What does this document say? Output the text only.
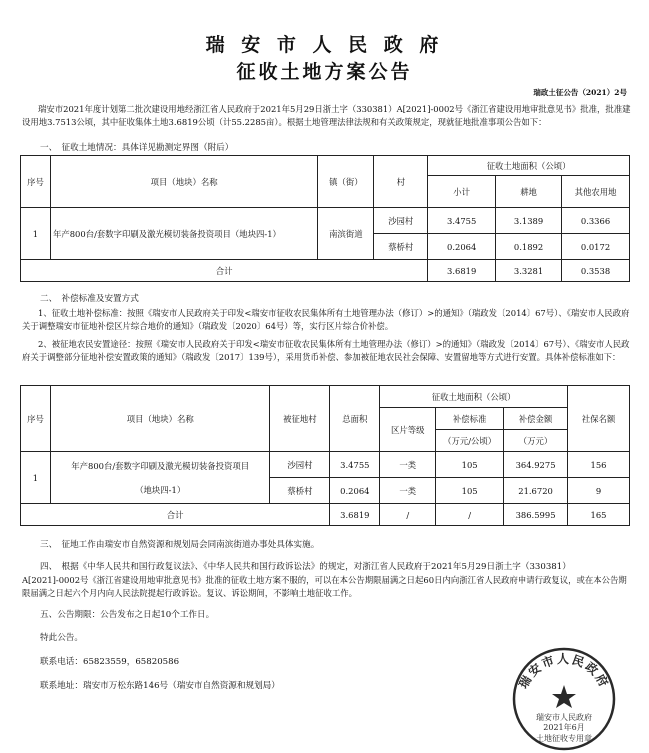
瑞 安 市 人 民 政 府
征收土地方案公告
瑞政土征公告（2021）2号

瑞安市2021年度计划第二批次建设用地经浙江省人民政府于2021年5月29日浙土字（330381）A[2021]-0002号《浙江省建设用地审批意见书》批准，批准建设用地3.7513公顷，其中征收集体土地3.6819公顷（计55.2285亩）。根据土地管理法律法规和有关政策规定，现就征地批准事项公告如下：

一、　征收土地情况：具体详见勘测定界图（附后）
序号	项目（地块）名称	镇（街）	村	征收土地面积（公顷）		
				小计	耕地	其他农用地
1	年产800台/套数字印刷及激光模切装备投资项目（地块四-1）	南滨街道	沙园村	3.4755	3.1389	0.3366
			蔡桥村	0.2064	0.1892	0.0172
合计				3.6819	3.3281	0.3538
二、　补偿标准及安置方式

1、征收土地补偿标准：按照《瑞安市人民政府关于印发<瑞安市征收农民集体所有土地管理办法（修订）>的通知》（瑞政发〔2014〕67号）、《瑞安市人民政府关于调整瑞安市征地补偿区片综合地价的通知》（瑞政发〔2020〕64号）等，实行区片综合价补偿。

2、被征地农民安置途径：按照《瑞安市人民政府关于印发<瑞安市征收农民集体所有土地管理办法（修订）>的通知》（瑞政发〔2014〕67号）、《瑞安市人民政府关于调整部分征地补偿安置政策的通知》（瑞政发〔2017〕139号），采用货币补偿、参加被征地农民社会保障、安置留地等方式进行安置。具体补偿标准如下：

序号	项目（地块）名称	被征地村	总面积	征收土地面积（公顷）			社保名额
				区片等级	补偿标准	补偿金额	
					（万元/公顷）	（万元）	
1	年产800台/套数字印刷及激光模切装备投资项目
（地块四-1）	沙园村	3.4755	一类	105	364.9275	156
		蔡桥村	0.2064	一类	105	21.6720	9
合计			3.6819	/	/	386.5995	165
三、　征地工作由瑞安市自然资源和规划局会同南滨街道办事处具体实施。
四、　根据《中华人民共和国行政复议法》、《中华人民共和国行政诉讼法》的规定，对浙江省人民政府于2021年5月29日浙土字（330381）

A[2021]-0002号《浙江省建设用地审批意见书》批准的征收土地方案不服的，可以在本公告期限届满之日起60日内向浙江省人民政府申请行政复议，或在本公告期限届满之日起六个月内向人民法院提起行政诉讼。复议、诉讼期间，不影响土地征收工作。

五、公告期限：公告发布之日起10个工作日。
特此公告。
联系电话：65823559，65820586
联系地址：瑞安市万松东路146号（瑞安市自然资源和规划局）	瑞安市人民政府
瑞安市人民政府
2021年6月
土地征收专用章
